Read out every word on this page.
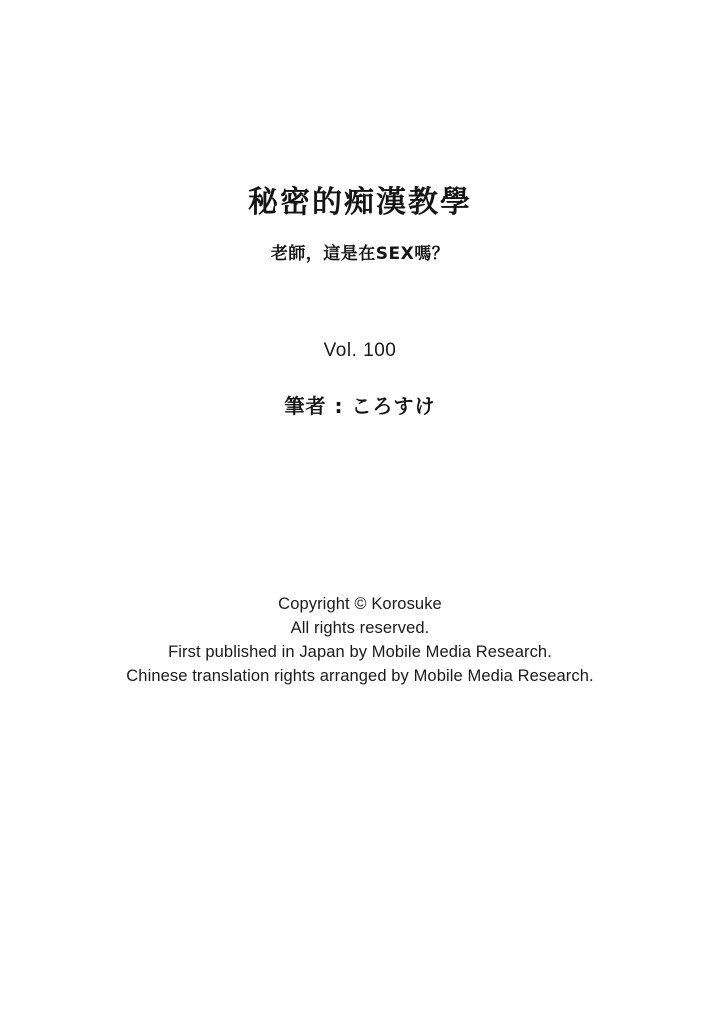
秘密的痴漢教學
老師，這是在SEX嗎？
Vol. 100
筆者 : ころすけ
Copyright © Korosuke
All rights reserved.
First published in Japan by Mobile Media Research.
Chinese translation rights arranged by Mobile Media Research.
